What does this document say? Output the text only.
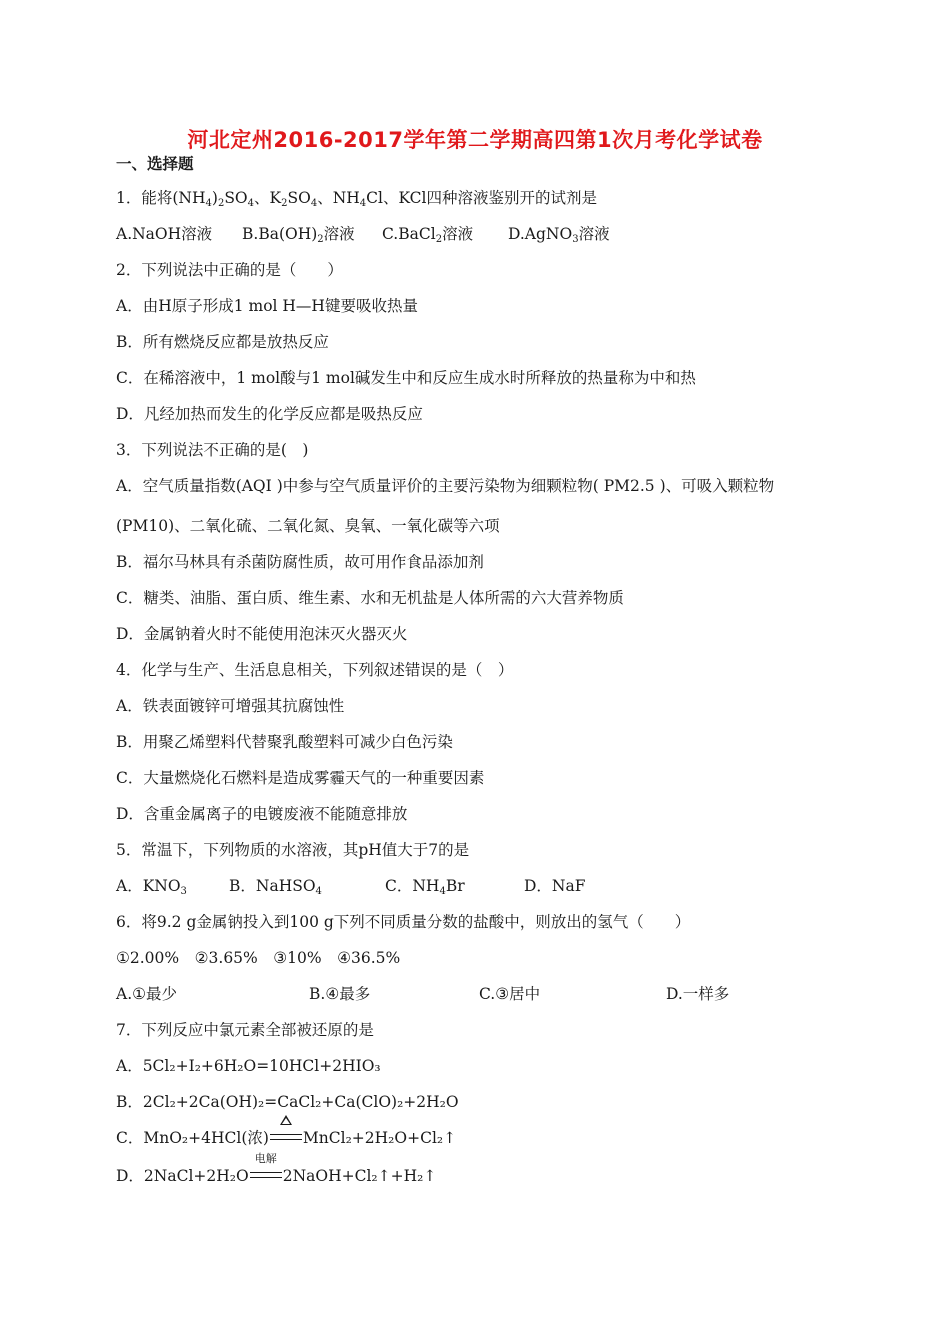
河北定州2016-2017学年第二学期高四第1次月考化学试卷
一、选择题
1．能将$(NH_4)_2SO_4$、$K_2SO_4$、$NH_4Cl$、KCl四种溶液鉴别开的试剂是
A.NaOH溶液 $B.Ba(OH)_2$溶液 C.BaCl$_2$溶液 D.AgNO$_3$溶液
2．下列说法中正确的是（　　）
A．由H原子形成1 mol H—H键要吸收热量
B．所有燃烧反应都是放热反应
C．在稀溶液中，1 mol酸与1 mol碱发生中和反应生成水时所释放的热量称为中和热
D．凡经加热而发生的化学反应都是吸热反应
3．下列说法不正确的是(　)
A．空气质量指数(AQI )中参与空气质量评价的主要污染物为细颗粒物( PM2.5 )、可吸入颗粒物
(PM10)、二氧化硫、二氧化氮、臭氧、一氧化碳等六项
B．福尔马林具有杀菌防腐性质，故可用作食品添加剂
C．糖类、油脂、蛋白质、维生素、水和无机盐是人体所需的六大营养物质
D．金属钠着火时不能使用泡沫灭火器灭火
4．化学与生产、生活息息相关，下列叙述错误的是（　）
A．铁表面镀锌可增强其抗腐蚀性
B．用聚乙烯塑料代替聚乳酸塑料可减少白色污染
C．大量燃烧化石燃料是造成雾霾天气的一种重要因素
D．含重金属离子的电镀废液不能随意排放
5．常温下，下列物质的水溶液，其pH值大于7的是
A．$KNO_3$	B．NaHSO$_4$	C．$NH_4Br$	D．NaF
6．将9.2 g金属钠投入到100 g下列不同质量分数的盐酸中，则放出的氢气（　　）
①2.00%　②3.65%　③10%　④36.5%
A.①最少	B.④最多	C.③居中	D.一样多
7．下列反应中氯元素全部被还原的是
A．5Cl₂+I₂+6H₂O=10HCl+2HIO₃
B．2Cl₂+2Ca(OH)₂=CaCl₂+Ca(ClO)₂+2H₂O
C．MnO₂+4HCl(浓) MnCl₂+2H₂O+Cl₂↑
D．2NaCl+2H₂O
电解
2NaOH+Cl₂↑+H₂↑
